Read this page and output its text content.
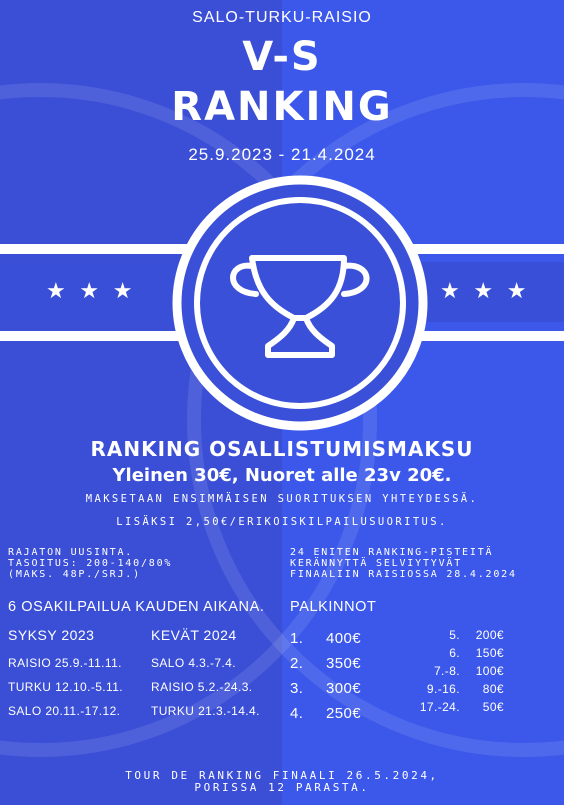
★ ★ ★	★ ★ ★
SALO-TURKU-RAISIO
V-S
RANKING
25.9.2023 - 21.4.2024
RANKING OSALLISTUMISMAKSU
Yleinen 30€, Nuoret alle 23v 20€.
MAKSETAAN ENSIMMÄISEN SUORITUKSEN YHTEYDESSÄ.
LISÄKSI 2,50€/ERIKOISKILPAILUSUORITUS.
RAJATON UUSINTA.
TASOITUS: 200-140/80%
(MAKS. 48P./SRJ.)
24 ENITEN RANKING-PISTEITÄ
KERÄNNYTTÄ SELVIYTYVÄT
FINAALIIN RAISIOSSA 28.4.2024
6 OSAKILPAILUA KAUDEN AIKANA.
SYKSY 2023	KEVÄT 2024
RAISIO 25.9.-11.11.
TURKU 12.10.-5.11.
SALO 20.11.-17.12.
SALO 4.3.-7.4.
RAISIO 5.2.-24.3.
TURKU 21.3.-14.4.
PALKINNOT
1. 400€
2. 350€
3. 300€
4. 250€
5. 200€
6. 150€
7.-8. 100€
9.-16. 80€
17.-24. 50€
TOUR DE RANKING FINAALI 26.5.2024,
PORISSA 12 PARASTA.
